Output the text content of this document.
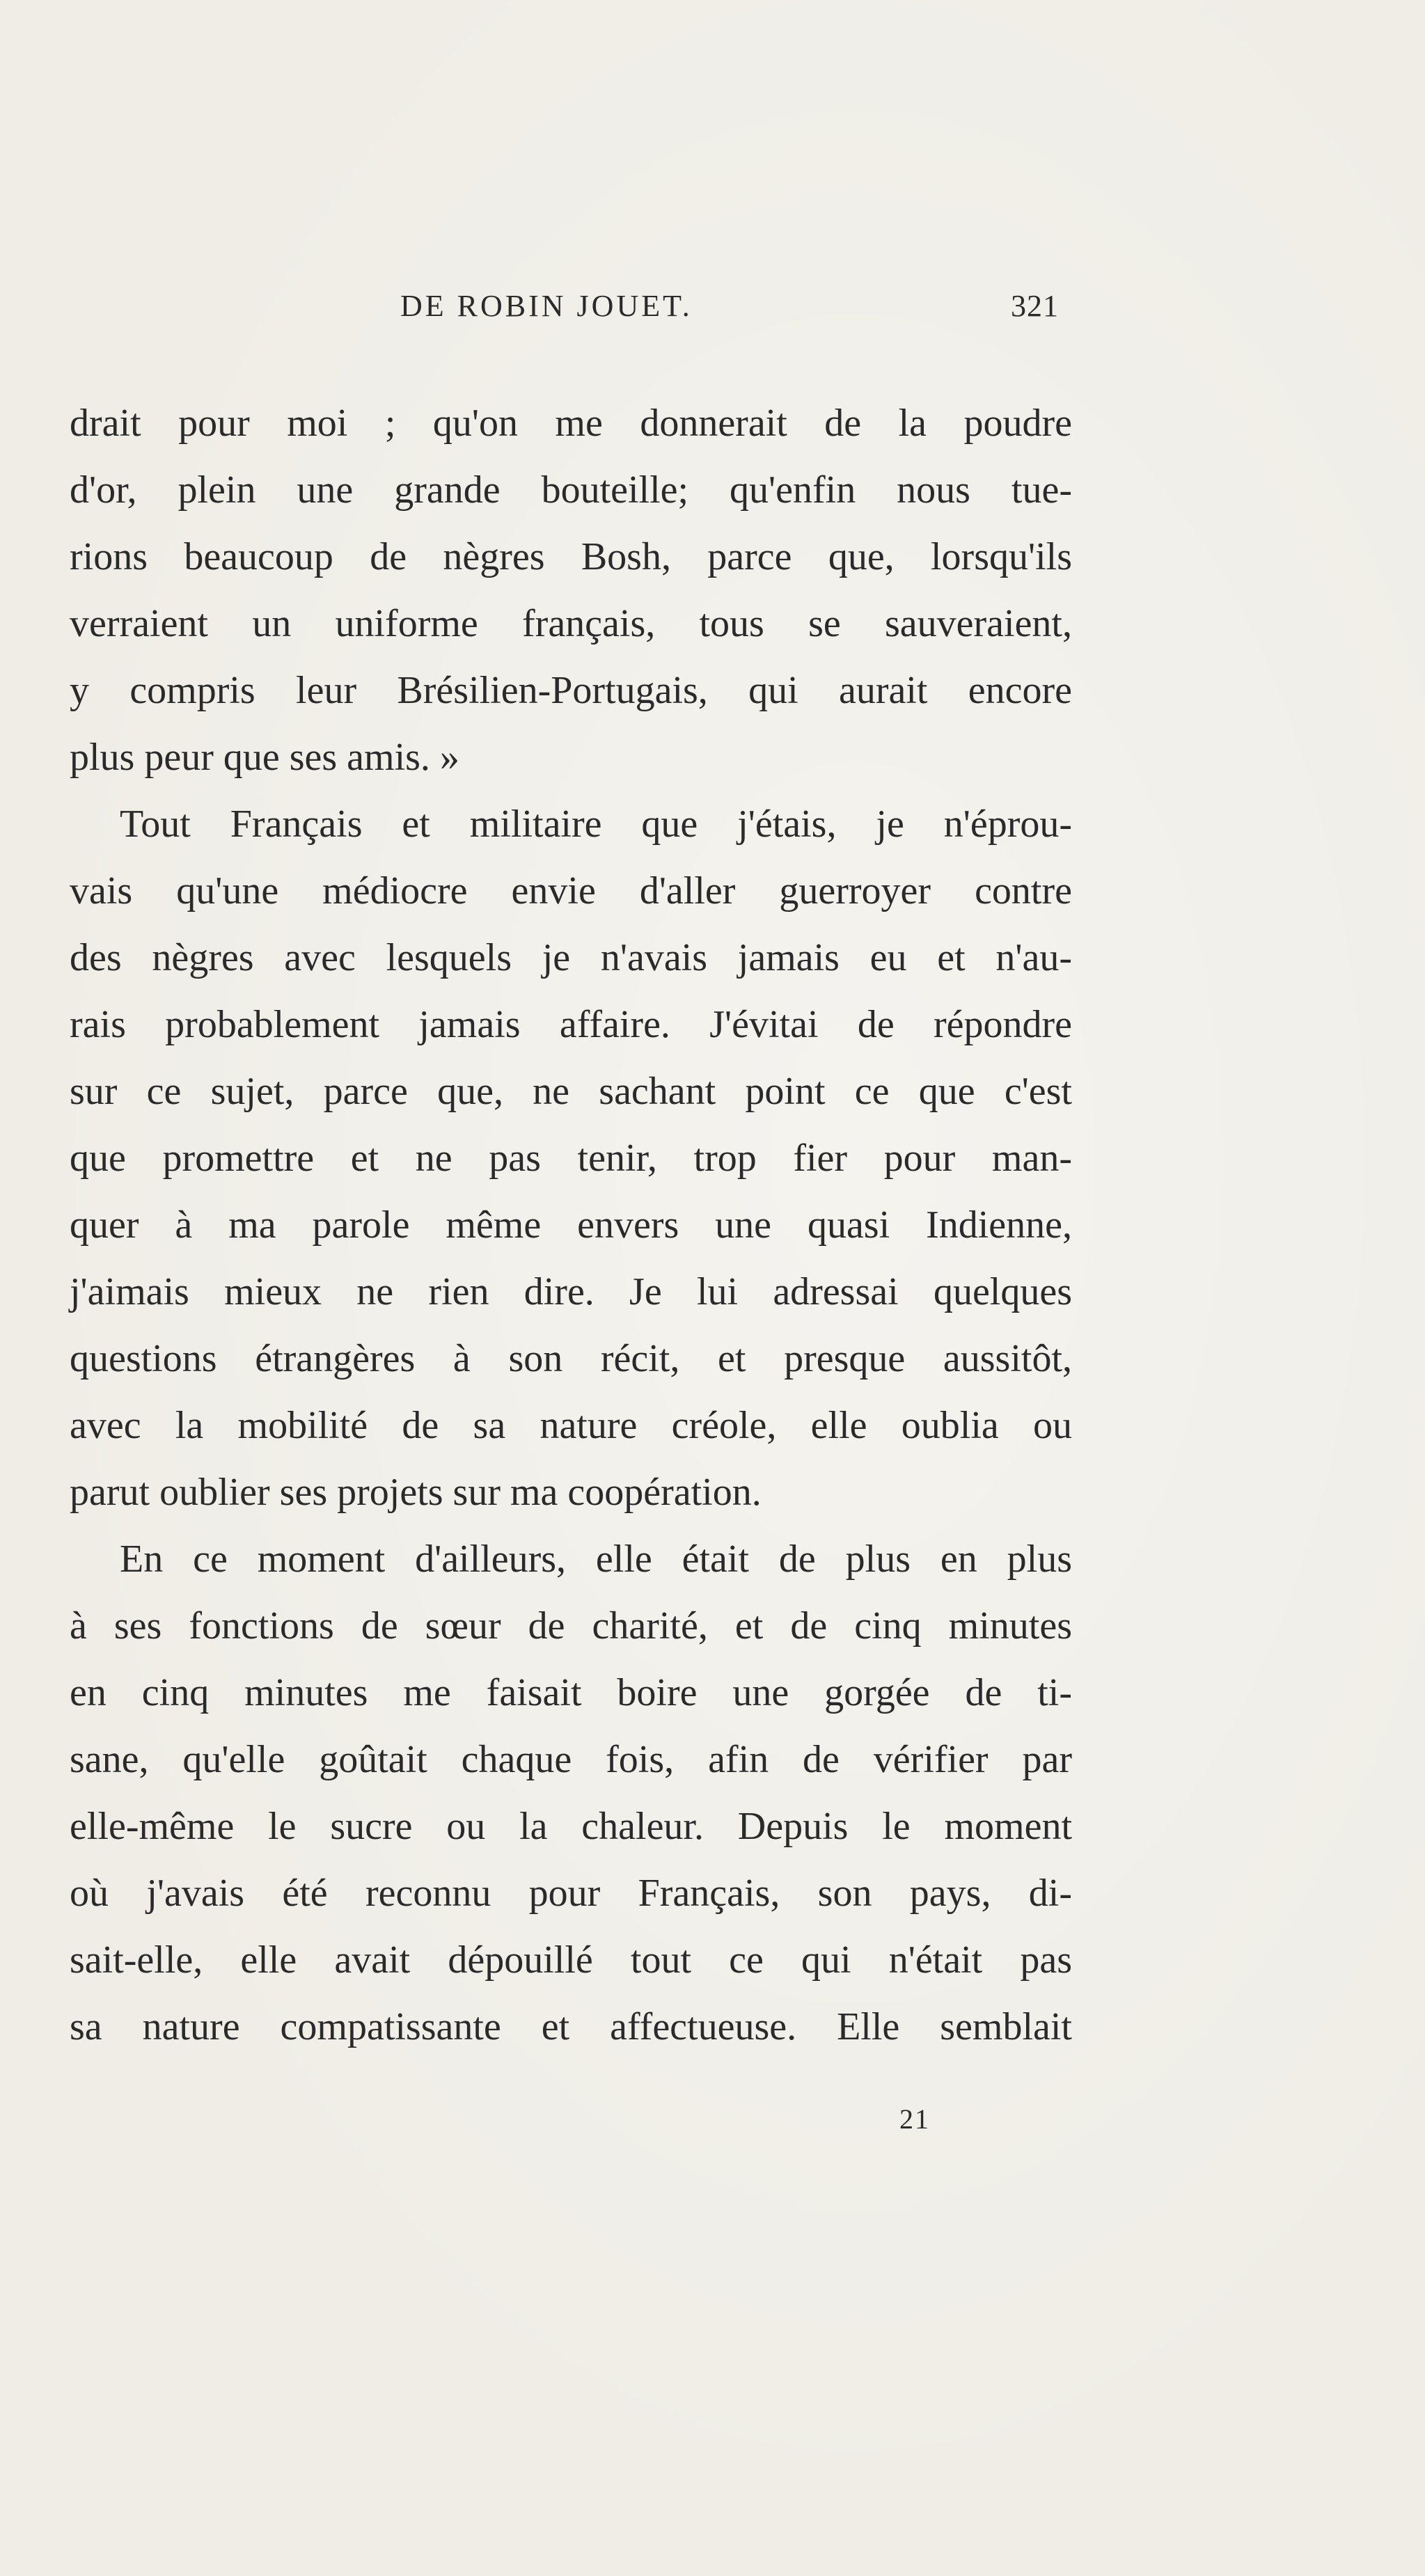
DE ROBIN JOUET.	321
drait pour moi ; qu'on me donnerait de la poudre
d'or, plein une grande bouteille; qu'enfin nous tue-
rions beaucoup de nègres Bosh, parce que, lorsqu'ils
verraient un uniforme français, tous se sauveraient,
y compris leur Brésilien-Portugais, qui aurait encore
plus peur que ses amis. »
Tout Français et militaire que j'étais, je n'éprou-
vais qu'une médiocre envie d'aller guerroyer contre
des nègres avec lesquels je n'avais jamais eu et n'au-
rais probablement jamais affaire. J'évitai de répondre
sur ce sujet, parce que, ne sachant point ce que c'est
que promettre et ne pas tenir, trop fier pour man-
quer à ma parole même envers une quasi Indienne,
j'aimais mieux ne rien dire. Je lui adressai quelques
questions étrangères à son récit, et presque aussitôt,
avec la mobilité de sa nature créole, elle oublia ou
parut oublier ses projets sur ma coopération.
En ce moment d'ailleurs, elle était de plus en plus
à ses fonctions de sœur de charité, et de cinq minutes
en cinq minutes me faisait boire une gorgée de ti-
sane, qu'elle goûtait chaque fois, afin de vérifier par
elle-même le sucre ou la chaleur. Depuis le moment
où j'avais été reconnu pour Français, son pays, di-
sait-elle, elle avait dépouillé tout ce qui n'était pas
sa nature compatissante et affectueuse. Elle semblait
21
